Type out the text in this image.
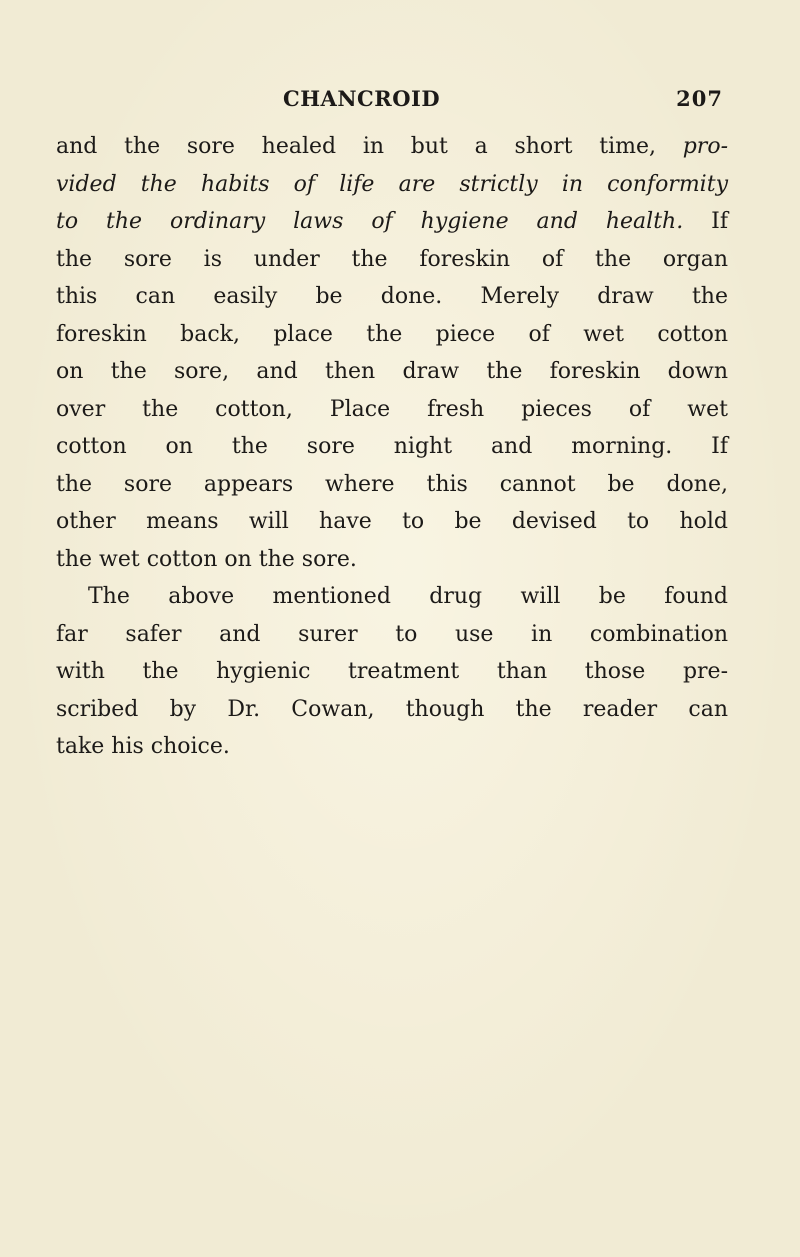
CHANCROID	207
and the sore healed in but a short time, pro-
vided the habits of life are strictly in conformity
to the ordinary laws of hygiene and health. If
the sore is under the foreskin of the organ
this can easily be done. Merely draw the
foreskin back, place the piece of wet cotton
on the sore, and then draw the foreskin down
over the cotton, Place fresh pieces of wet
cotton on the sore night and morning. If
the sore appears where this cannot be done,
other means will have to be devised to hold
the wet cotton on the sore.
The above mentioned drug will be found
far safer and surer to use in combination
with the hygienic treatment than those pre-
scribed by Dr. Cowan, though the reader can
take his choice.
